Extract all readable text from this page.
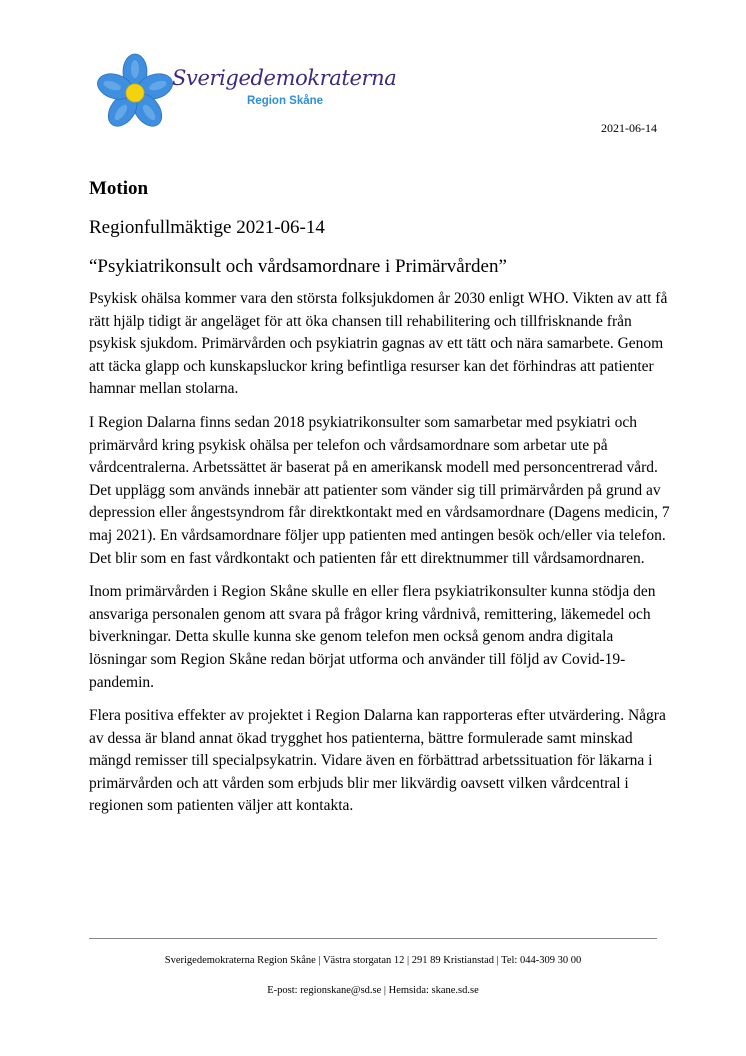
Sverigedemokraterna
Region Skåne
2021-06-14
Motion
Regionfullmäktige 2021-06-14
“Psykiatrikonsult och vårdsamordnare i Primärvården”

Psykisk ohälsa kommer vara den största folksjukdomen år 2030 enligt WHO. Vikten av att få rätt hjälp tidigt är angeläget för att öka chansen till rehabilitering och tillfrisknande från psykisk sjukdom. Primärvården och psykiatrin gagnas av ett tätt och nära samarbete. Genom att täcka glapp och kunskapsluckor kring befintliga resurser kan det förhindras att patienter hamnar mellan stolarna.

I Region Dalarna finns sedan 2018 psykiatrikonsulter som samarbetar med psykiatri och primärvård kring psykisk ohälsa per telefon och vårdsamordnare som arbetar ute på vårdcentralerna. Arbetssättet är baserat på en amerikansk modell med personcentrerad vård. Det upplägg som används innebär att patienter som vänder sig till primärvården på grund av depression eller ångestsyndrom får direktkontakt med en vårdsamordnare (Dagens medicin, 7 maj 2021). En vårdsamordnare följer upp patienten med antingen besök och/eller via telefon. Det blir som en fast vårdkontakt och patienten får ett direktnummer till vårdsamordnaren.

Inom primärvården i Region Skåne skulle en eller flera psykiatrikonsulter kunna stödja den ansvariga personalen genom att svara på frågor kring vårdnivå, remittering, läkemedel och biverkningar. Detta skulle kunna ske genom telefon men också genom andra digitala lösningar som Region Skåne redan börjat utforma och använder till följd av Covid-19-pandemin.

Flera positiva effekter av projektet i Region Dalarna kan rapporteras efter utvärdering. Några av dessa är bland annat ökad trygghet hos patienterna, bättre formulerade samt minskad mängd remisser till specialpsykatrin. Vidare även en förbättrad arbetssituation för läkarna i primärvården och att vården som erbjuds blir mer likvärdig oavsett vilken vårdcentral i regionen som patienten väljer att kontakta.

Sverigedemokraterna Region Skåne | Västra storgatan 12 | 291 89 Kristianstad | Tel: 044-309 30 00
E-post: regionskane@sd.se | Hemsida: skane.sd.se
